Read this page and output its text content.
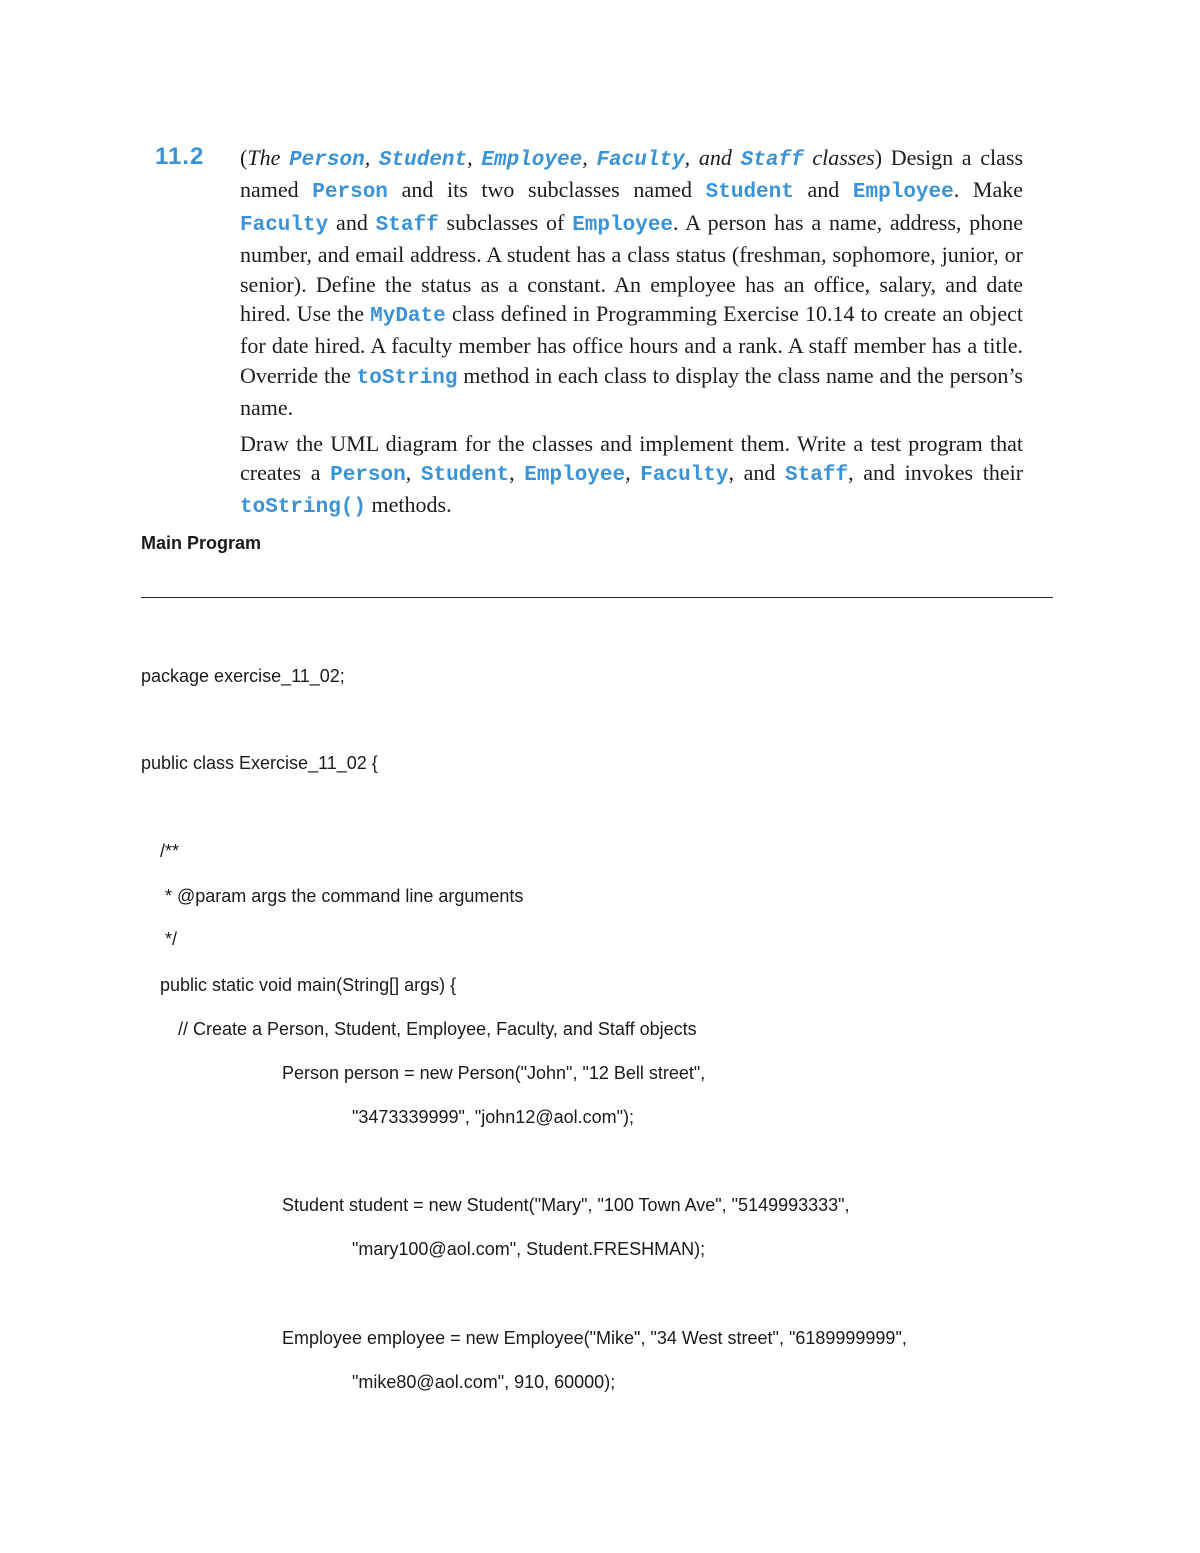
11.2 (The Person, Student, Employee, Faculty, and Staff classes) Design a class named Person and its two subclasses named Student and Employee. Make Faculty and Staff subclasses of Employee. A person has a name, address, phone number, and email address. A student has a class status (freshman, sophomore, junior, or senior). Define the status as a constant. An employee has an office, salary, and date hired. Use the MyDate class defined in Programming Exercise 10.14 to create an object for date hired. A faculty member has office hours and a rank. A staff member has a title. Override the toString method in each class to display the class name and the person’s name.

Draw the UML diagram for the classes and implement them. Write a test program that creates a Person, Student, Employee, Faculty, and Staff, and invokes their toString() methods.

Main Program
package exercise_11_02;
public class Exercise_11_02 {
/**
* @param args the command line arguments
*/
public static void main(String[] args) {
// Create a Person, Student, Employee, Faculty, and Staff objects
Person person = new Person("John", "12 Bell street",
"3473339999", "john12@aol.com");
Student student = new Student("Mary", "100 Town Ave", "5149993333",
"mary100@aol.com", Student.FRESHMAN);
Employee employee = new Employee("Mike", "34 West street", "6189999999",
"mike80@aol.com", 910, 60000);
